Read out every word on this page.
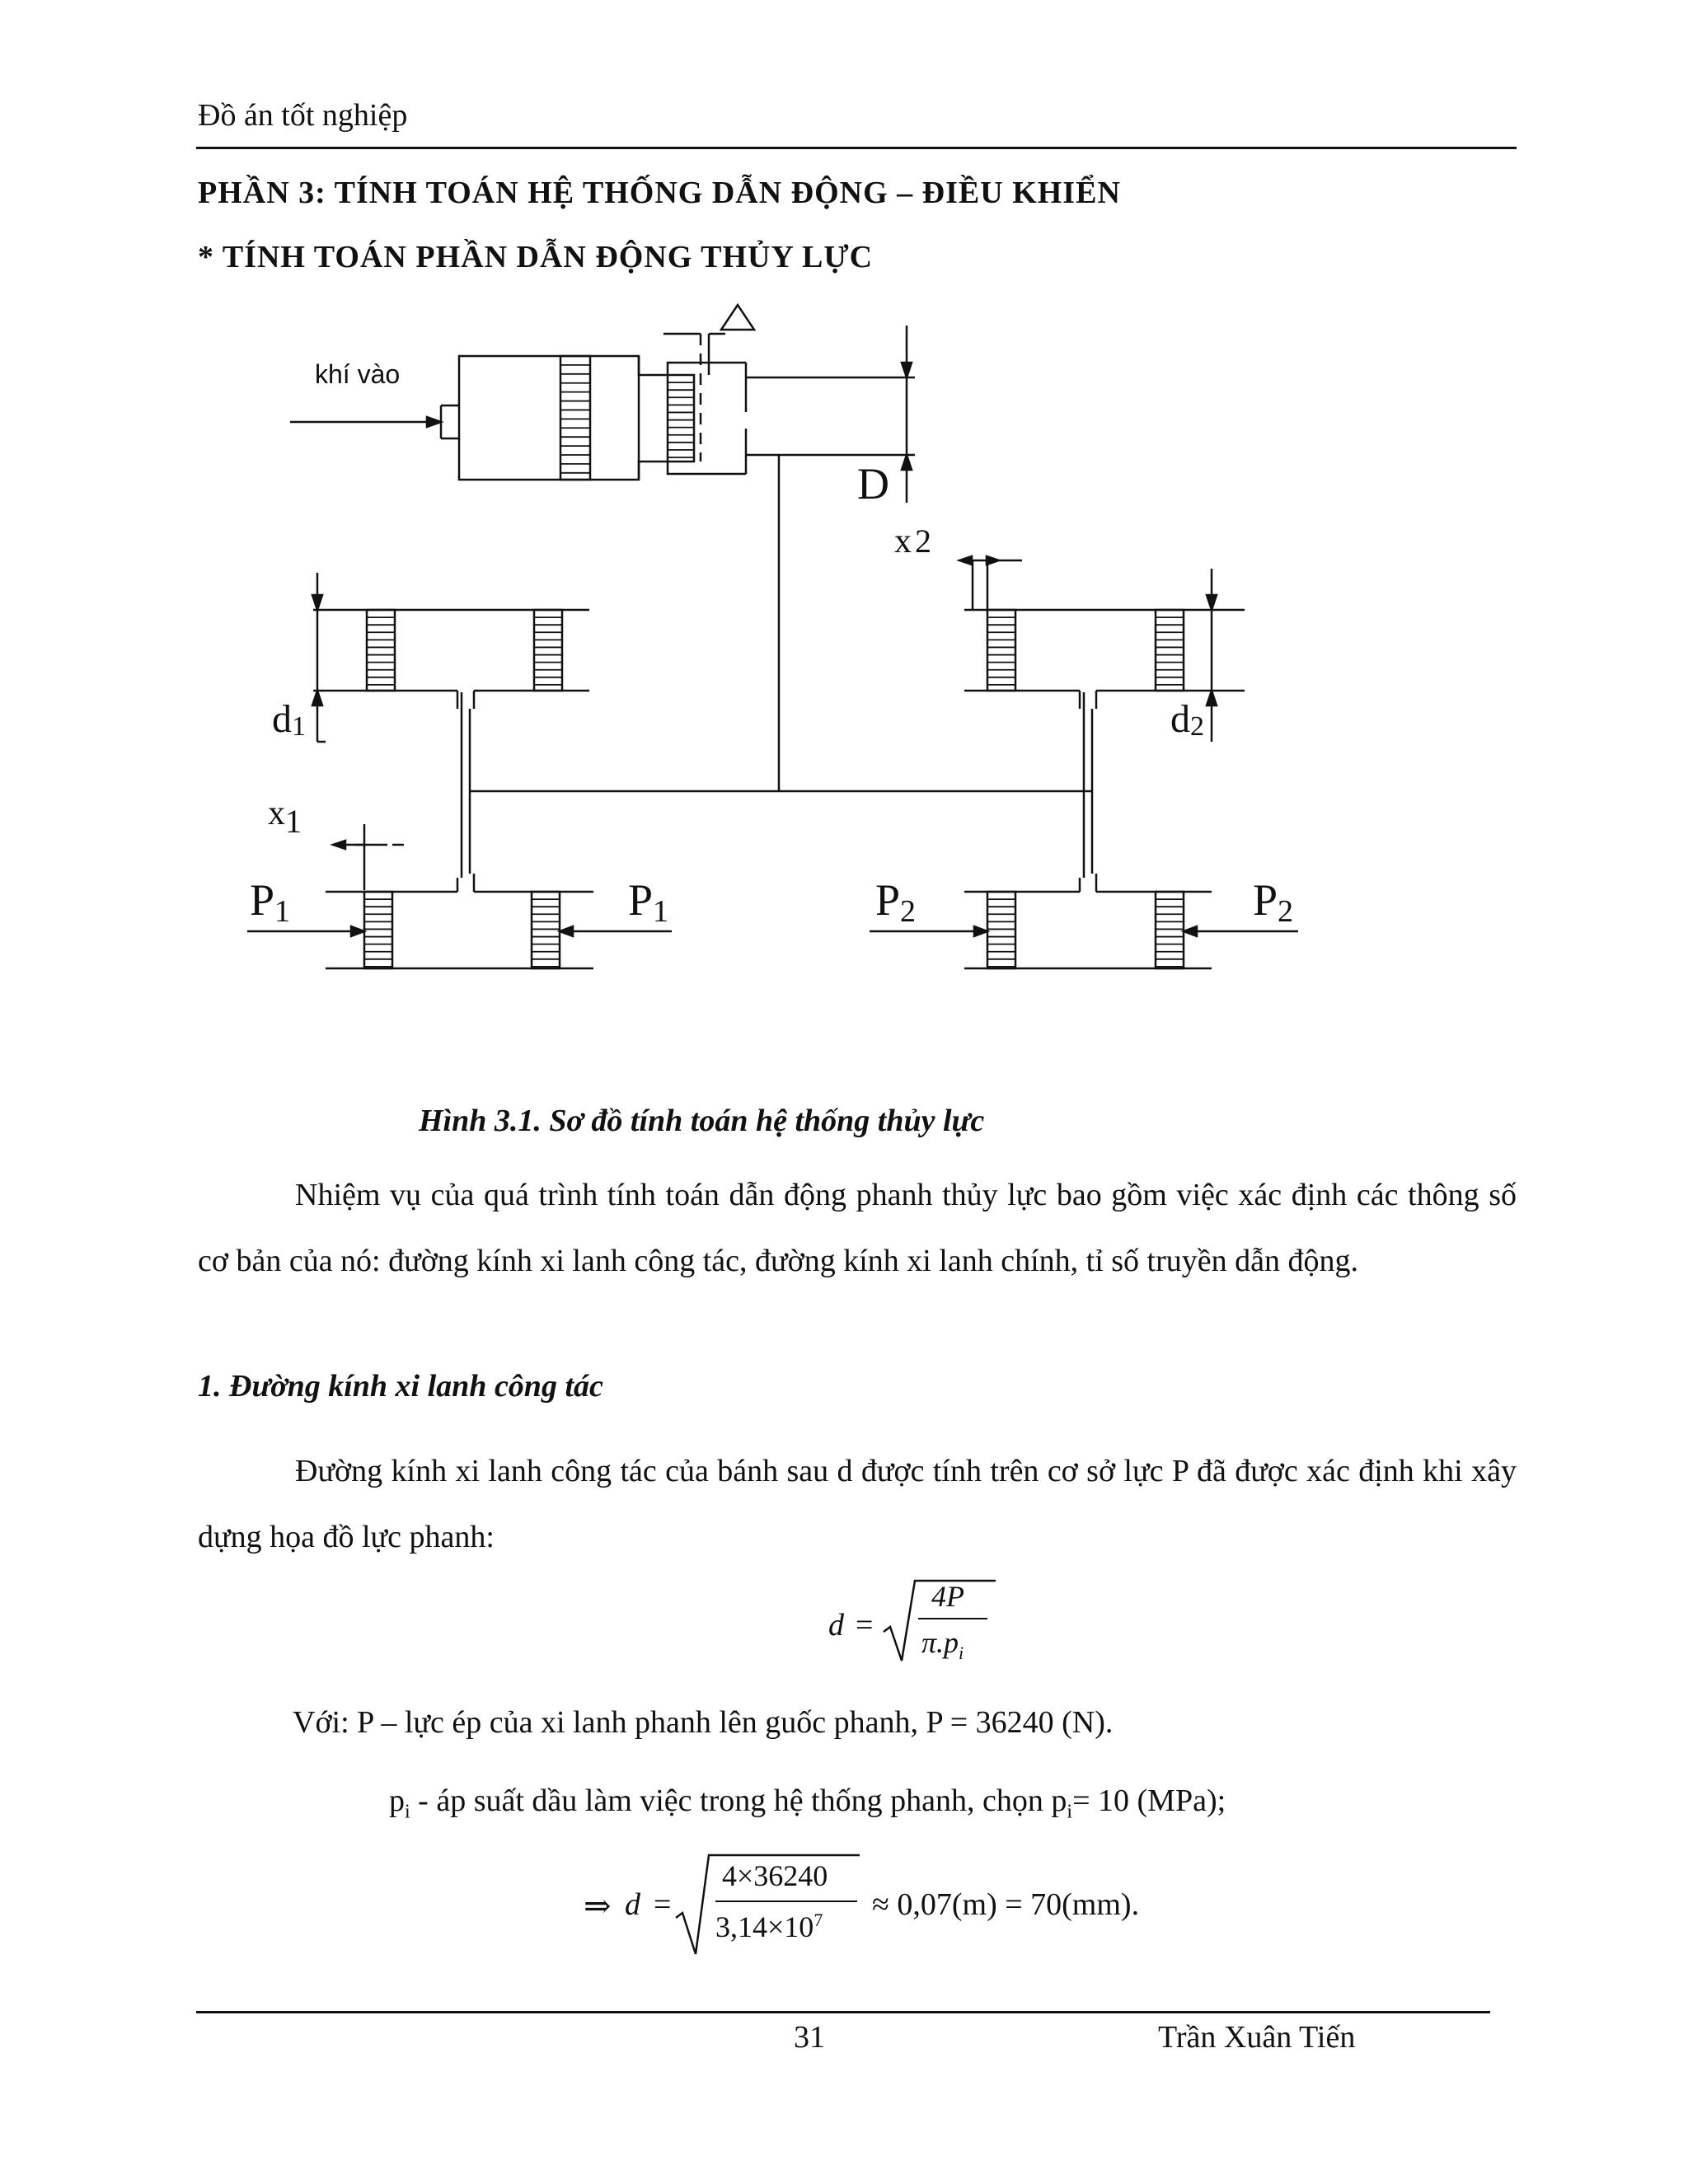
Đồ án tốt nghiệp
PHẦN 3: TÍNH TOÁN HỆ THỐNG DẪN ĐỘNG – ĐIỀU KHIỂN
* TÍNH TOÁN PHẦN DẪN ĐỘNG THỦY LỰC
khí vào
D
x 2
d1	d2
x1
P1	P1	P2	P2
Hình 3.1. Sơ đồ tính toán hệ thống thủy lực
Nhiệm vụ của quá trình tính toán dẫn động phanh thủy lực bao gồm việc xác định các thông số cơ bản của nó: đường kính xi lanh công tác, đường kính xi lanh chính, tỉ số truyền dẫn động.
1. Đường kính xi lanh công tác
Đường kính xi lanh công tác của bánh sau d được tính trên cơ sở lực P đã được xác định khi xây dựng họa đồ lực phanh:
d =
4P
$\pi.p_i$
Với: P – lực ép của xi lanh phanh lên guốc phanh, P = 36240 (N).
$p_i$ - áp suất dầu làm việc trong hệ thống phanh, chọn $p_i= 10$ (MPa);
⇒ d =
4×36240
$3,14\times 10^7 \approx 0,07(m) = 70(mm)$.
31	Trần Xuân Tiến
